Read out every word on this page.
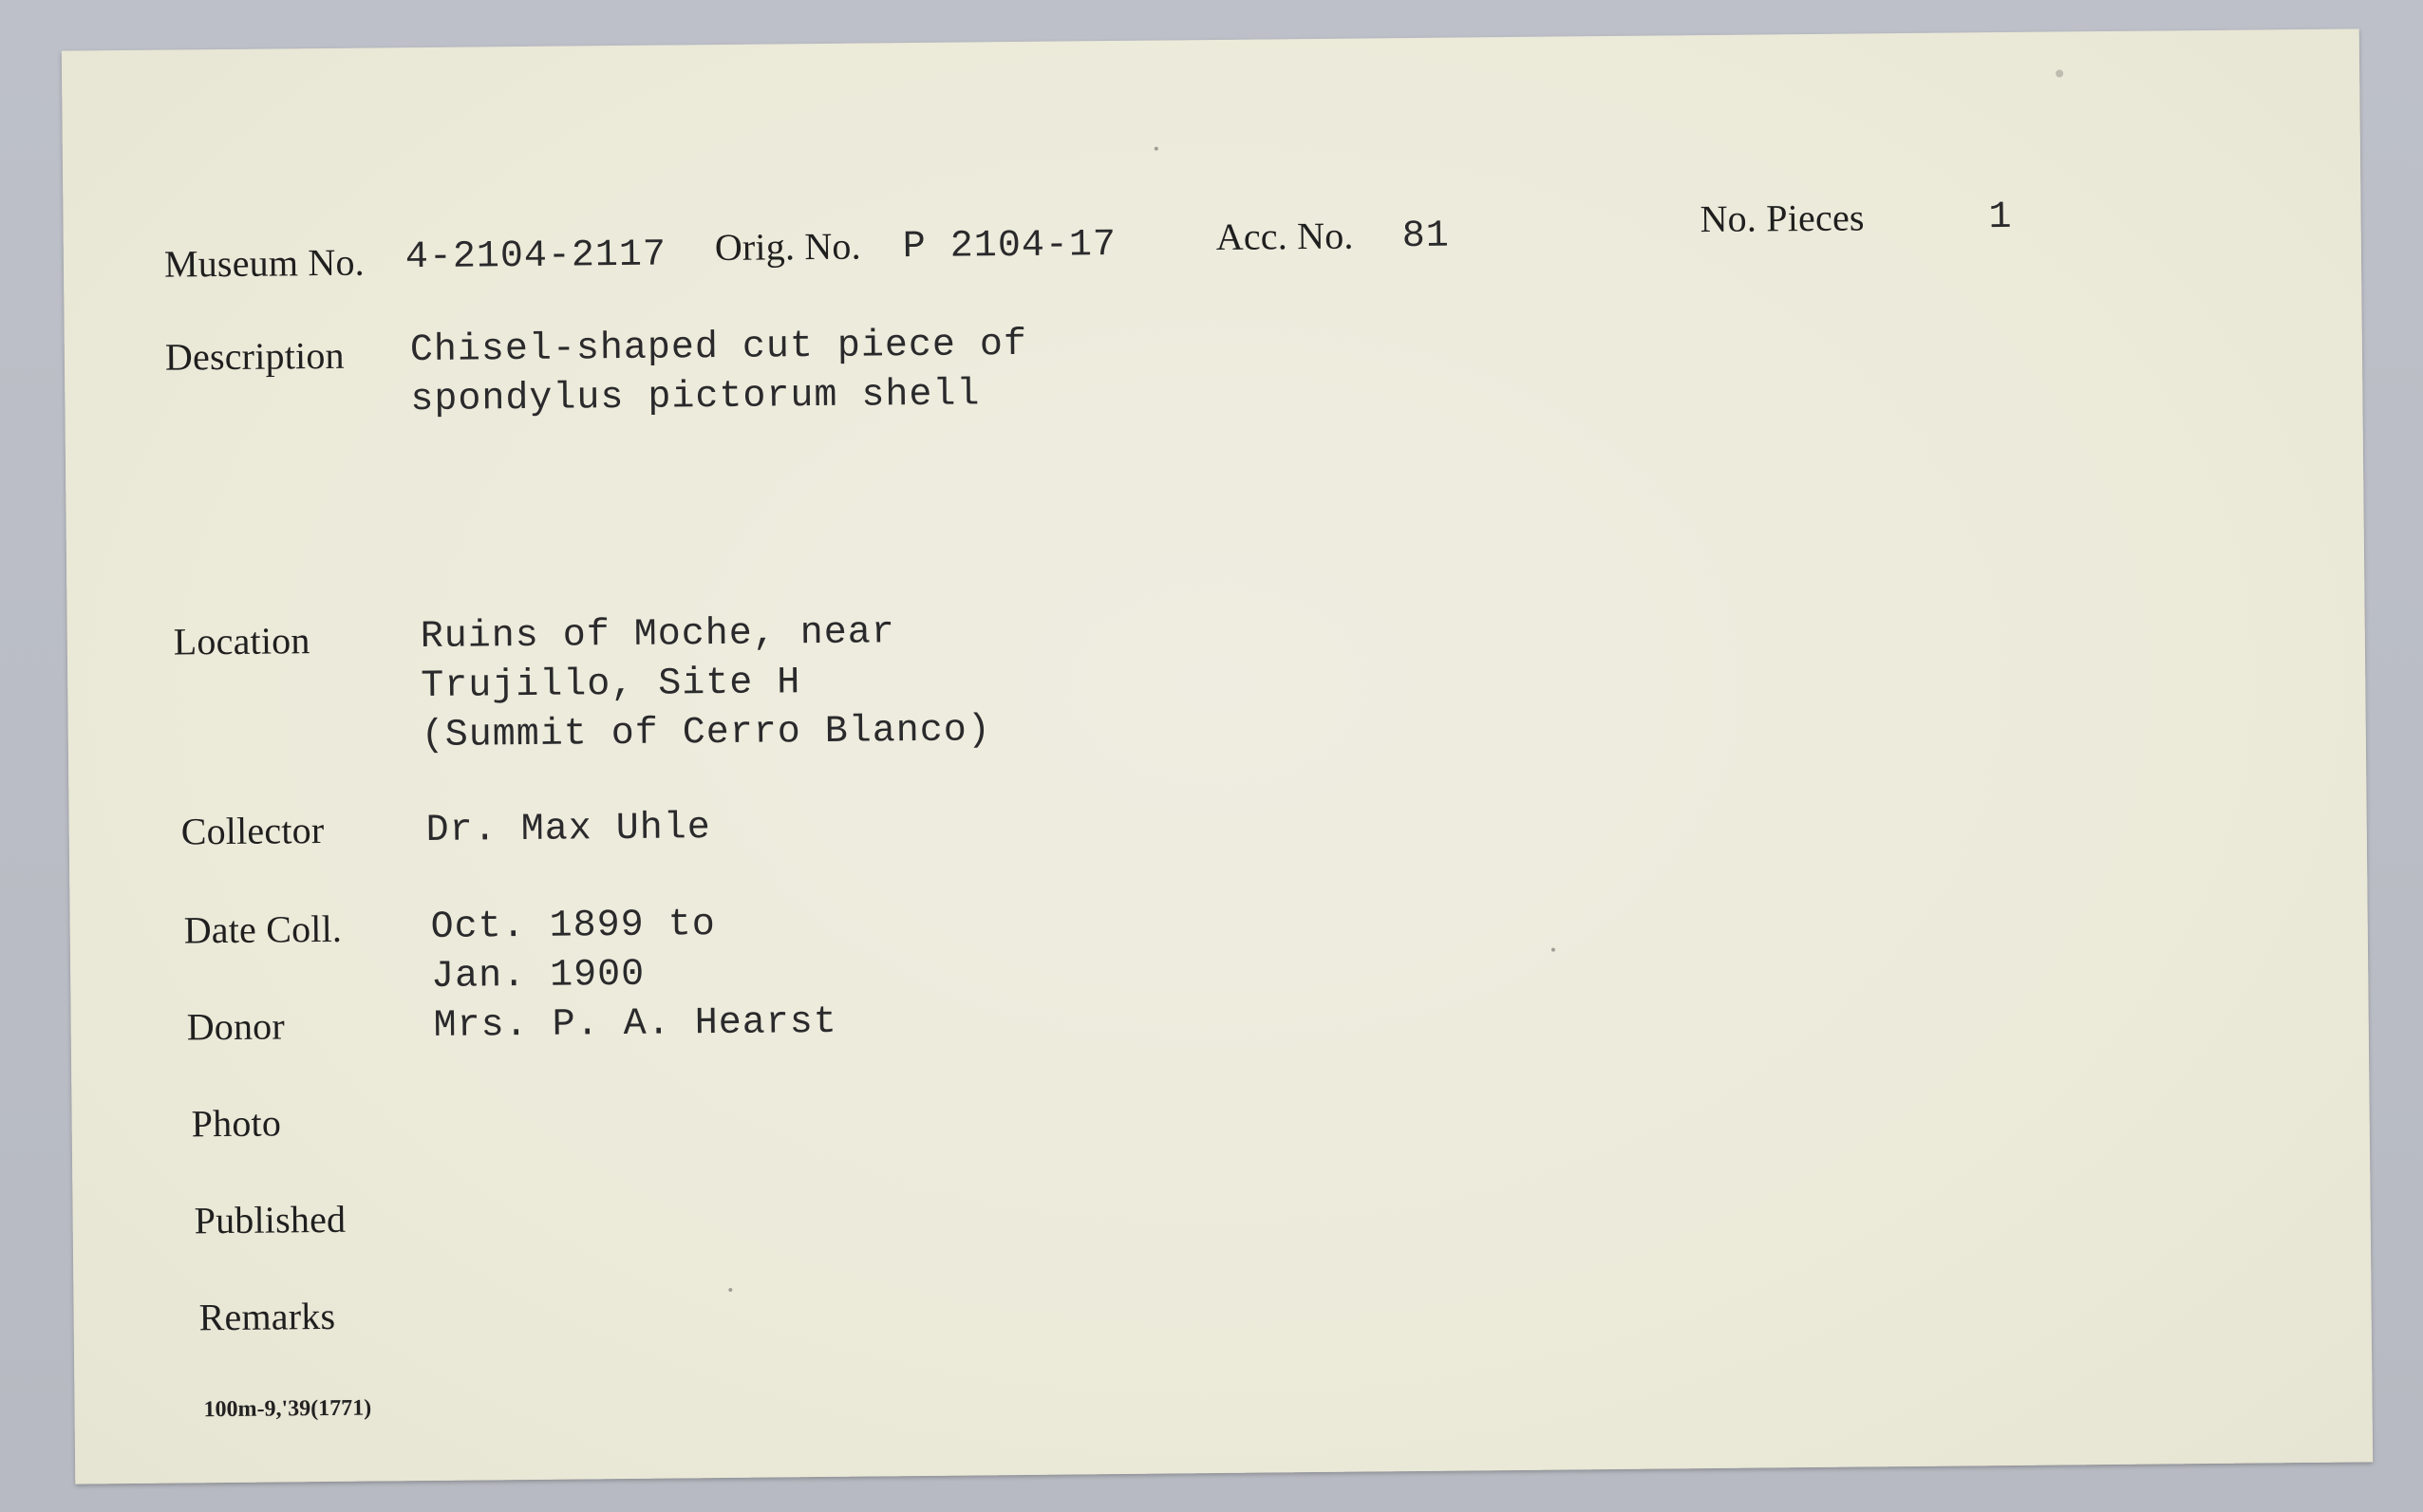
Museum No. 4-2104-2117 Orig. No. P 2104-17	Acc. No. 81	No. Pieces	1
Description Chisel-shaped cut piece of
spondylus pictorum shell
Location	Ruins of Moche, near
Trujillo, Site H
(Summit of Cerro Blanco)
Collector	Dr. Max Uhle
Date Coll. Oct. 1899 to
Jan. 1900
Donor	Mrs. P. A. Hearst
Photo
Published
Remarks
100m-9,'39(1771)
